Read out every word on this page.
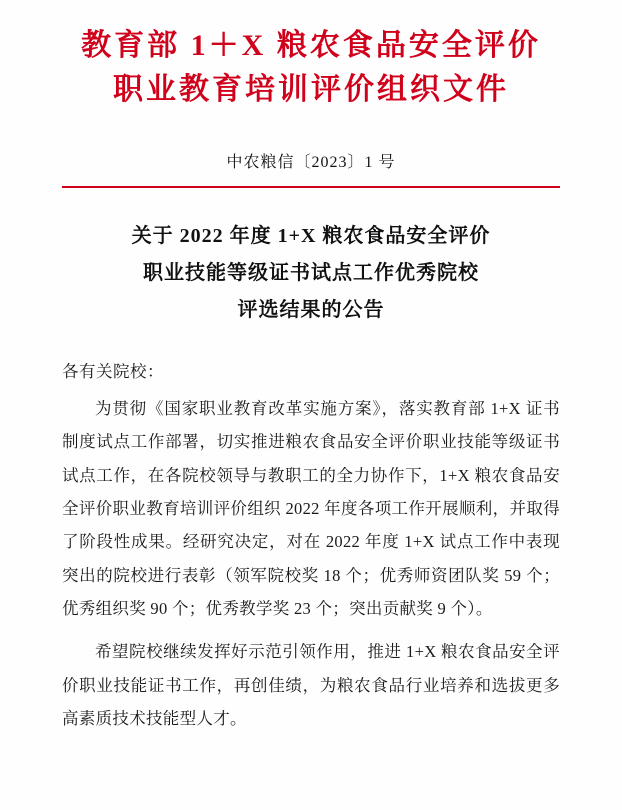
教育部 1＋X 粮农食品安全评价
职业教育培训评价组织文件
中农粮信〔2023〕1 号
关于 2022 年度 1+X 粮农食品安全评价
职业技能等级证书试点工作优秀院校
评选结果的公告
各有关院校：

为贯彻《国家职业教育改革实施方案》，落实教育部 1+X 证书制度试点工作部署，切实推进粮农食品安全评价职业技能等级证书试点工作，在各院校领导与教职工的全力协作下，1+X 粮农食品安全评价职业教育培训评价组织 2022 年度各项工作开展顺利，并取得了阶段性成果。经研究决定，对在 2022 年度 1+X 试点工作中表现突出的院校进行表彰（领军院校奖 18 个；优秀师资团队奖 59 个；优秀组织奖 90 个；优秀教学奖 23 个；突出贡献奖 9 个）。

希望院校继续发挥好示范引领作用，推进 1+X 粮农食品安全评价职业技能证书工作，再创佳绩，为粮农食品行业培养和选拔更多高素质技术技能型人才。
